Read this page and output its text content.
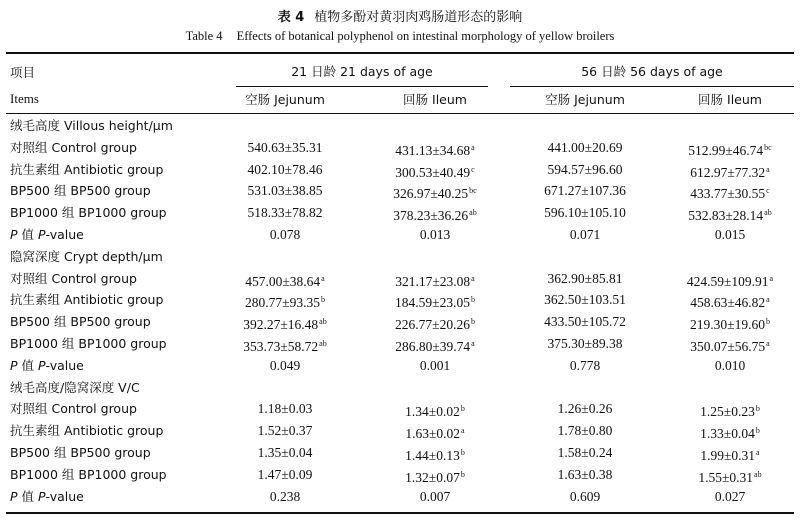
表 4 植物多酚对黄羽肉鸡肠道形态的影响
Table 4 Effects of botanical polyphenol on intestinal morphology of yellow broilers
项目
Items
21 日龄 21 days of age	56 日龄 56 days of age
空肠 Jejunum	回肠 Ileum	空肠 Jejunum	回肠 Ileum
绒毛高度 Villous height/μm
对照组 Control group	540.63±35.31	431.13±34.68$^a$	441.00±20.69	512.99±46.74$^{bc}$
抗生素组 Antibiotic group	402.10±78.46	300.53±40.49$^c$	594.57±96.60	612.97±77.32$^a$
BP500 组 BP500 group	531.03±38.85	326.97±40.25$^{bc}$	671.27±107.36	433.77±30.55$^c$
BP1000 组 BP1000 group	518.33±78.82	378.23±36.26$^{ab}$	596.10±105.10	532.83±28.14$^{ab}$
P 值 P-value	0.078	0.013	0.071	0.015
隐窝深度 Crypt depth/μm
对照组 Control group	457.00±38.64$^a$	321.17±23.08$^a$	362.90±85.81	424.59±109.91$^a$
抗生素组 Antibiotic group	280.77±93.35$^b$	184.59±23.05$^b$	362.50±103.51	458.63±46.82$^a$
BP500 组 BP500 group	392.27±16.48$^{ab}$	226.77±20.26$^b$	433.50±105.72	219.30±19.60$^b$
BP1000 组 BP1000 group	353.73±58.72$^{ab}$	286.80±39.74$^a$	375.30±89.38	350.07±56.75$^a$
P 值 P-value	0.049	0.001	0.778	0.010
绒毛高度/隐窝深度 V/C
对照组 Control group	1.18±0.03	1.34±0.02$^b$	1.26±0.26	1.25±0.23$^b$
抗生素组 Antibiotic group	1.52±0.37	1.63±0.02$^a$	1.78±0.80	1.33±0.04$^b$
BP500 组 BP500 group	1.35±0.04	1.44±0.13$^b$	1.58±0.24	1.99±0.31$^a$
BP1000 组 BP1000 group	1.47±0.09	1.32±0.07$^b$	1.63±0.38	1.55±0.31$^{ab}$
P 值 P-value	0.238	0.007	0.609	0.027
